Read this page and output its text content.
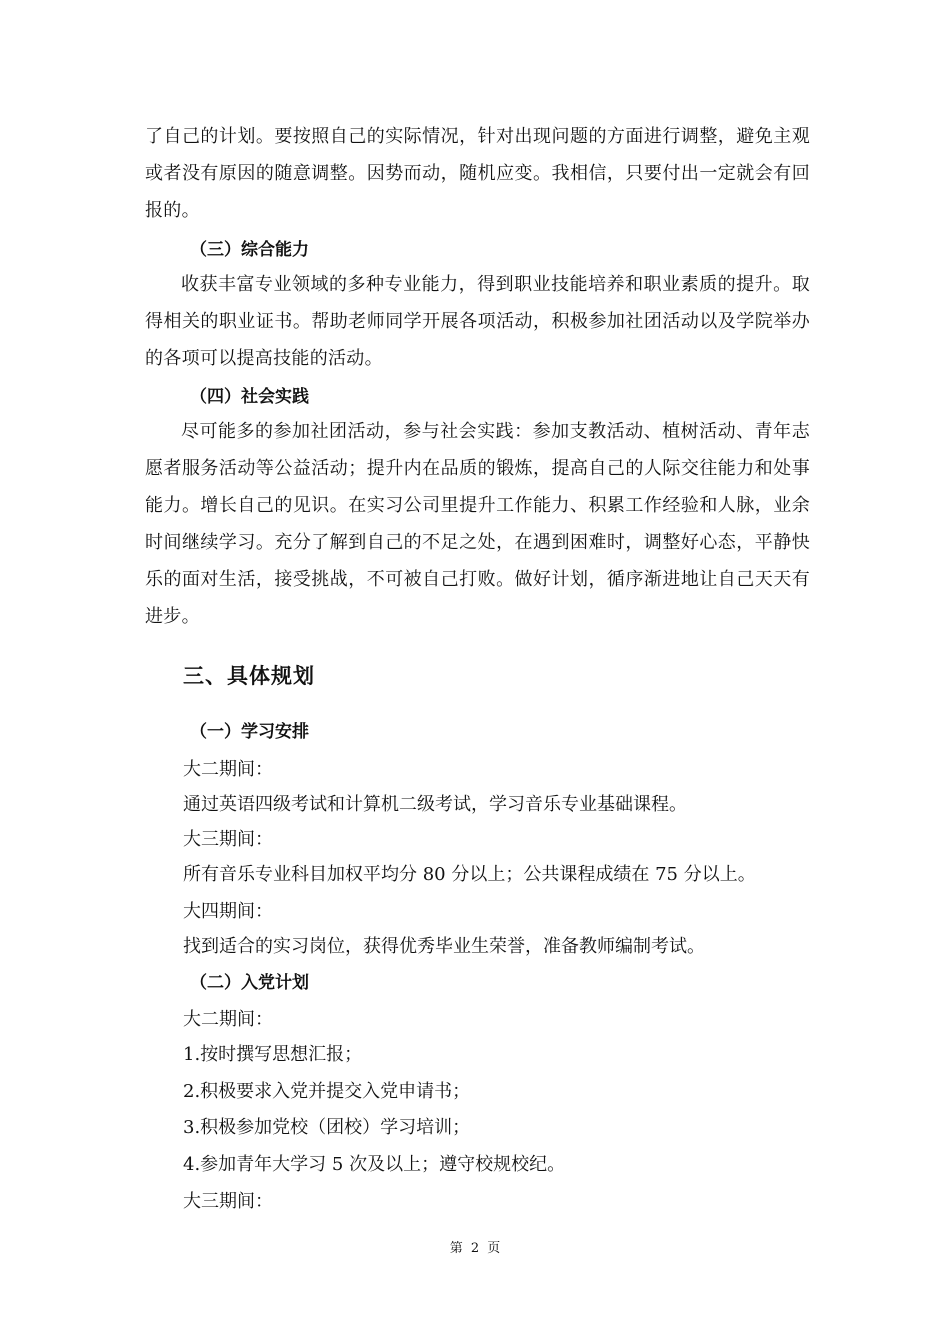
了自己的计划。要按照自己的实际情况，针对出现问题的方面进行调整，避免主观或者没有原因的随意调整。因势而动，随机应变。我相信，只要付出一定就会有回报的。

（三）综合能力

收获丰富专业领域的多种专业能力，得到职业技能培养和职业素质的提升。取得相关的职业证书。帮助老师同学开展各项活动，积极参加社团活动以及学院举办的各项可以提高技能的活动。

（四）社会实践

尽可能多的参加社团活动，参与社会实践：参加支教活动、植树活动、青年志愿者服务活动等公益活动；提升内在品质的锻炼，提高自己的人际交往能力和处事能力。增长自己的见识。在实习公司里提升工作能力、积累工作经验和人脉，业余时间继续学习。充分了解到自己的不足之处，在遇到困难时，调整好心态，平静快乐的面对生活，接受挑战，不可被自己打败。做好计划，循序渐进地让自己天天有进步。

三、具体规划
（一）学习安排

大二期间：

通过英语四级考试和计算机二级考试，学习音乐专业基础课程。

大三期间：

所有音乐专业科目加权平均分 80 分以上；公共课程成绩在 75 分以上。

大四期间：

找到适合的实习岗位，获得优秀毕业生荣誉，准备教师编制考试。

（二）入党计划

大二期间：

1.按时撰写思想汇报；

2.积极要求入党并提交入党申请书；

3.积极参加党校（团校）学习培训；

4.参加青年大学习 5 次及以上；遵守校规校纪。

大三期间：

第 2 页
